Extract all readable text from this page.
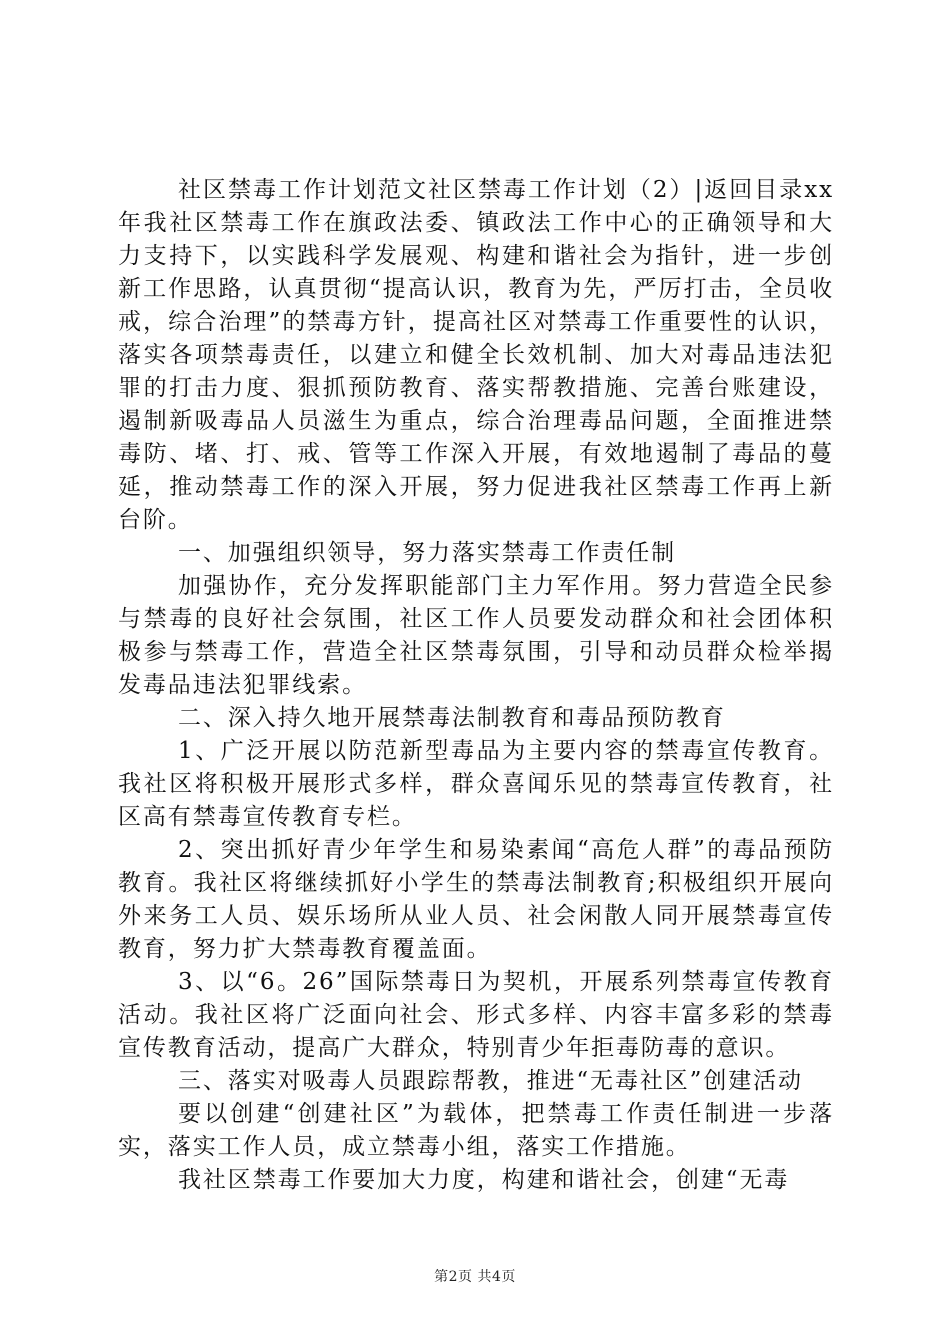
社区禁毒工作计划范文社区禁毒工作计划（2）|返回目录xx年我社区禁毒工作在旗政法委、镇政法工作中心的正确领导和大力支持下，以实践科学发展观、构建和谐社会为指针，进一步创新工作思路，认真贯彻“提高认识，教育为先，严厉打击，全员收戒，综合治理”的禁毒方针，提高社区对禁毒工作重要性的认识，落实各项禁毒责任，以建立和健全长效机制、加大对毒品违法犯罪的打击力度、狠抓预防教育、落实帮教措施、完善台账建设，遏制新吸毒品人员滋生为重点，综合治理毒品问题，全面推进禁毒防、堵、打、戒、管等工作深入开展，有效地遏制了毒品的蔓延，推动禁毒工作的深入开展，努力促进我社区禁毒工作再上新台阶。

一、加强组织领导，努力落实禁毒工作责任制

加强协作，充分发挥职能部门主力军作用。努力营造全民参与禁毒的良好社会氛围，社区工作人员要发动群众和社会团体积极参与禁毒工作，营造全社区禁毒氛围，引导和动员群众检举揭发毒品违法犯罪线索。

二、深入持久地开展禁毒法制教育和毒品预防教育

1、广泛开展以防范新型毒品为主要内容的禁毒宣传教育。我社区将积极开展形式多样，群众喜闻乐见的禁毒宣传教育，社区高有禁毒宣传教育专栏。

2、突出抓好青少年学生和易染素闻“高危人群”的毒品预防教育。我社区将继续抓好小学生的禁毒法制教育;积极组织开展向外来务工人员、娱乐场所从业人员、社会闲散人同开展禁毒宣传教育，努力扩大禁毒教育覆盖面。

3、以“6。26”国际禁毒日为契机，开展系列禁毒宣传教育活动。我社区将广泛面向社会、形式多样、内容丰富多彩的禁毒宣传教育活动，提高广大群众，特别青少年拒毒防毒的意识。

三、落实对吸毒人员跟踪帮教，推进“无毒社区”创建活动

要以创建“创建社区”为载体，把禁毒工作责任制进一步落实，落实工作人员，成立禁毒小组，落实工作措施。

我社区禁毒工作要加大力度，构建和谐社会，创建“无毒

第2页 共4页
